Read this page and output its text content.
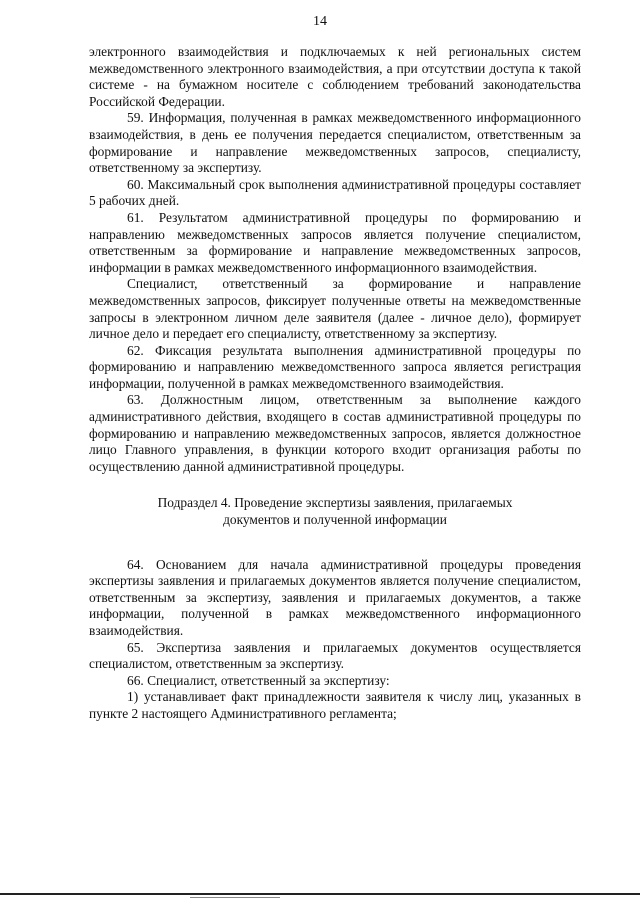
14

электронного взаимодействия и подключаемых к ней региональных систем межведомственного электронного взаимодействия, а при отсутствии доступа к такой системе - на бумажном носителе с соблюдением требований законодательства Российской Федерации.

59. Информация, полученная в рамках межведомственного информационного взаимодействия, в день ее получения передается специалистом, ответственным за формирование и направление межведомственных запросов, специалисту, ответственному за экспертизу.

60. Максимальный срок выполнения административной процедуры составляет 5 рабочих дней.

61. Результатом административной процедуры по формированию и направлению межведомственных запросов является получение специалистом, ответственным за формирование и направление межведомственных запросов, информации в рамках межведомственного информационного взаимодействия.

Специалист, ответственный за формирование и направление межведомственных запросов, фиксирует полученные ответы на межведомственные запросы в электронном личном деле заявителя (далее - личное дело), формирует личное дело и передает его специалисту, ответственному за экспертизу.

62. Фиксация результата выполнения административной процедуры по формированию и направлению межведомственного запроса является регистрация информации, полученной в рамках межведомственного взаимодействия.

63. Должностным лицом, ответственным за выполнение каждого административного действия, входящего в состав административной процедуры по формированию и направлению межведомственных запросов, является должностное лицо Главного управления, в функции которого входит организация работы по осуществлению данной административной процедуры.

Подраздел 4. Проведение экспертизы заявления, прилагаемых
документов и полученной информации

64. Основанием для начала административной процедуры проведения экспертизы заявления и прилагаемых документов является получение специалистом, ответственным за экспертизу, заявления и прилагаемых документов, а также информации, полученной в рамках межведомственного информационного взаимодействия.

65. Экспертиза заявления и прилагаемых документов осуществляется специалистом, ответственным за экспертизу.

66. Специалист, ответственный за экспертизу:

1) устанавливает факт принадлежности заявителя к числу лиц, указанных в пункте 2 настоящего Административного регламента;
